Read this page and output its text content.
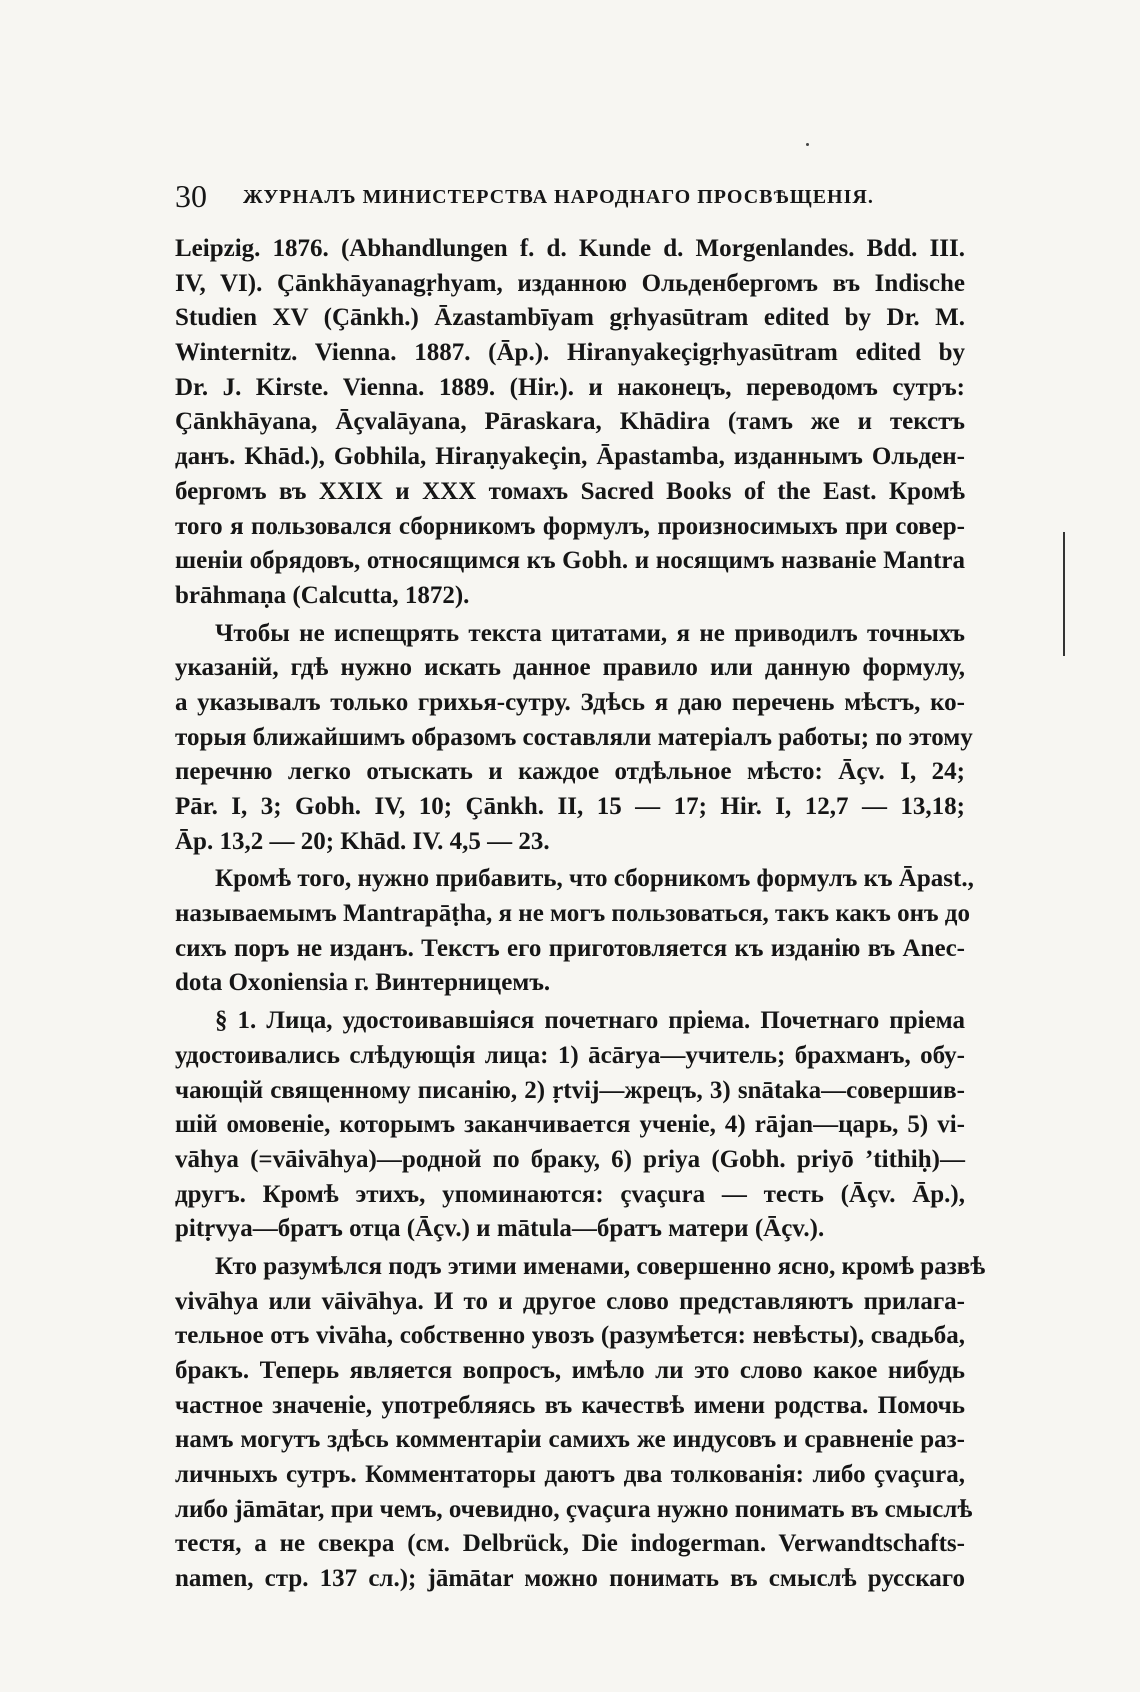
30 ЖУРНАЛЪ МИНИСТЕРСТВА НАРОДНАГО ПРОСВѢЩЕНІЯ.
Leipzig. 1876. (Abhandlungen f. d. Kunde d. Morgenlandes. Bdd. III.
IV, VI). Çānkhāyanagṛhyam, изданною Ольденбергомъ въ Indische
Studien XV (Çānkh.) Āzastambīyam gṛhyasūtram edited by Dr. M.
Winternitz. Vienna. 1887. (Āp.). Hiranyakeçigṛhyasūtram edited by
Dr. J. Kirste. Vienna. 1889. (Hir.). и наконецъ, переводомъ сутръ:
Çānkhāyana, Āçvalāyana, Pāraskara, Khādira (тамъ же и текстъ
данъ. Khād.), Gobhila, Hiraṇyakeçin, Āpastamba, изданнымъ Ольден-
бергомъ въ XXIX и XXX томахъ Sacred Books of the East. Кромѣ
того я пользовался сборникомъ формулъ, произносимыхъ при совер-
шеніи обрядовъ, относящимся къ Gobh. и носящимъ названіе Mantra
brāhmaṇa (Calcutta, 1872).
Чтобы не испещрять текста цитатами, я не приводилъ точныхъ
указаній, гдѣ нужно искать данное правило или данную формулу,
а указывалъ только грихья-сутру. Здѣсь я даю перечень мѣстъ, ко-
торыя ближайшимъ образомъ составляли матеріалъ работы; по этому
перечню легко отыскать и каждое отдѣльное мѣсто: Āçv. I, 24;
Pār. I, 3; Gobh. IV, 10; Çānkh. II, 15 — 17; Hir. I, 12,7 — 13,18;
Āp. 13,2 — 20; Khād. IV. 4,5 — 23.
Кромѣ того, нужно прибавить, что сборникомъ формулъ къ Āpast.,
называемымъ Mantrapāṭha, я не могъ пользоваться, такъ какъ онъ до
сихъ поръ не изданъ. Текстъ его приготовляется къ изданію въ Anec-
dota Oxoniensia г. Винтерницемъ.
§ 1. Лица, удостоивавшіяся почетнаго пріема. Почетнаго пріема
удостоивались слѣдующія лица: 1) ācārya—учитель; брахманъ, обу-
чающій священному писанію, 2) ṛtvij—жрецъ, 3) snātaka—совершив-
шій омовеніе, которымъ заканчивается ученіе, 4) rājan—царь, 5) vi-
vāhya (=vāivāhya)—родной по браку, 6) priya (Gobh. priyō ’tithiḥ)—
другъ. Кромѣ этихъ, упоминаются: çvaçura — тесть (Āçv. Āp.),
pitṛvya—братъ отца (Āçv.) и mātula—братъ матери (Āçv.).
Кто разумѣлся подъ этими именами, совершенно ясно, кромѣ развѣ
vivāhya или vāivāhya. И то и другое слово представляютъ прилага-
тельное отъ vivāha, собственно увозъ (разумѣется: невѣсты), свадьба,
бракъ. Теперь является вопросъ, имѣло ли это слово какое нибудь
частное значеніе, употребляясь въ качествѣ имени родства. Помочь
намъ могутъ здѣсь комментаріи самихъ же индусовъ и сравненіе раз-
личныхъ сутръ. Комментаторы даютъ два толкованія: либо çvaçura,
либо jāmātar, при чемъ, очевидно, çvaçura нужно понимать въ смыслѣ
тестя, а не свекра (см. Delbrück, Die indogerman. Verwandtschafts-
namen, стр. 137 сл.); jāmātar можно понимать въ смыслѣ русскаго
